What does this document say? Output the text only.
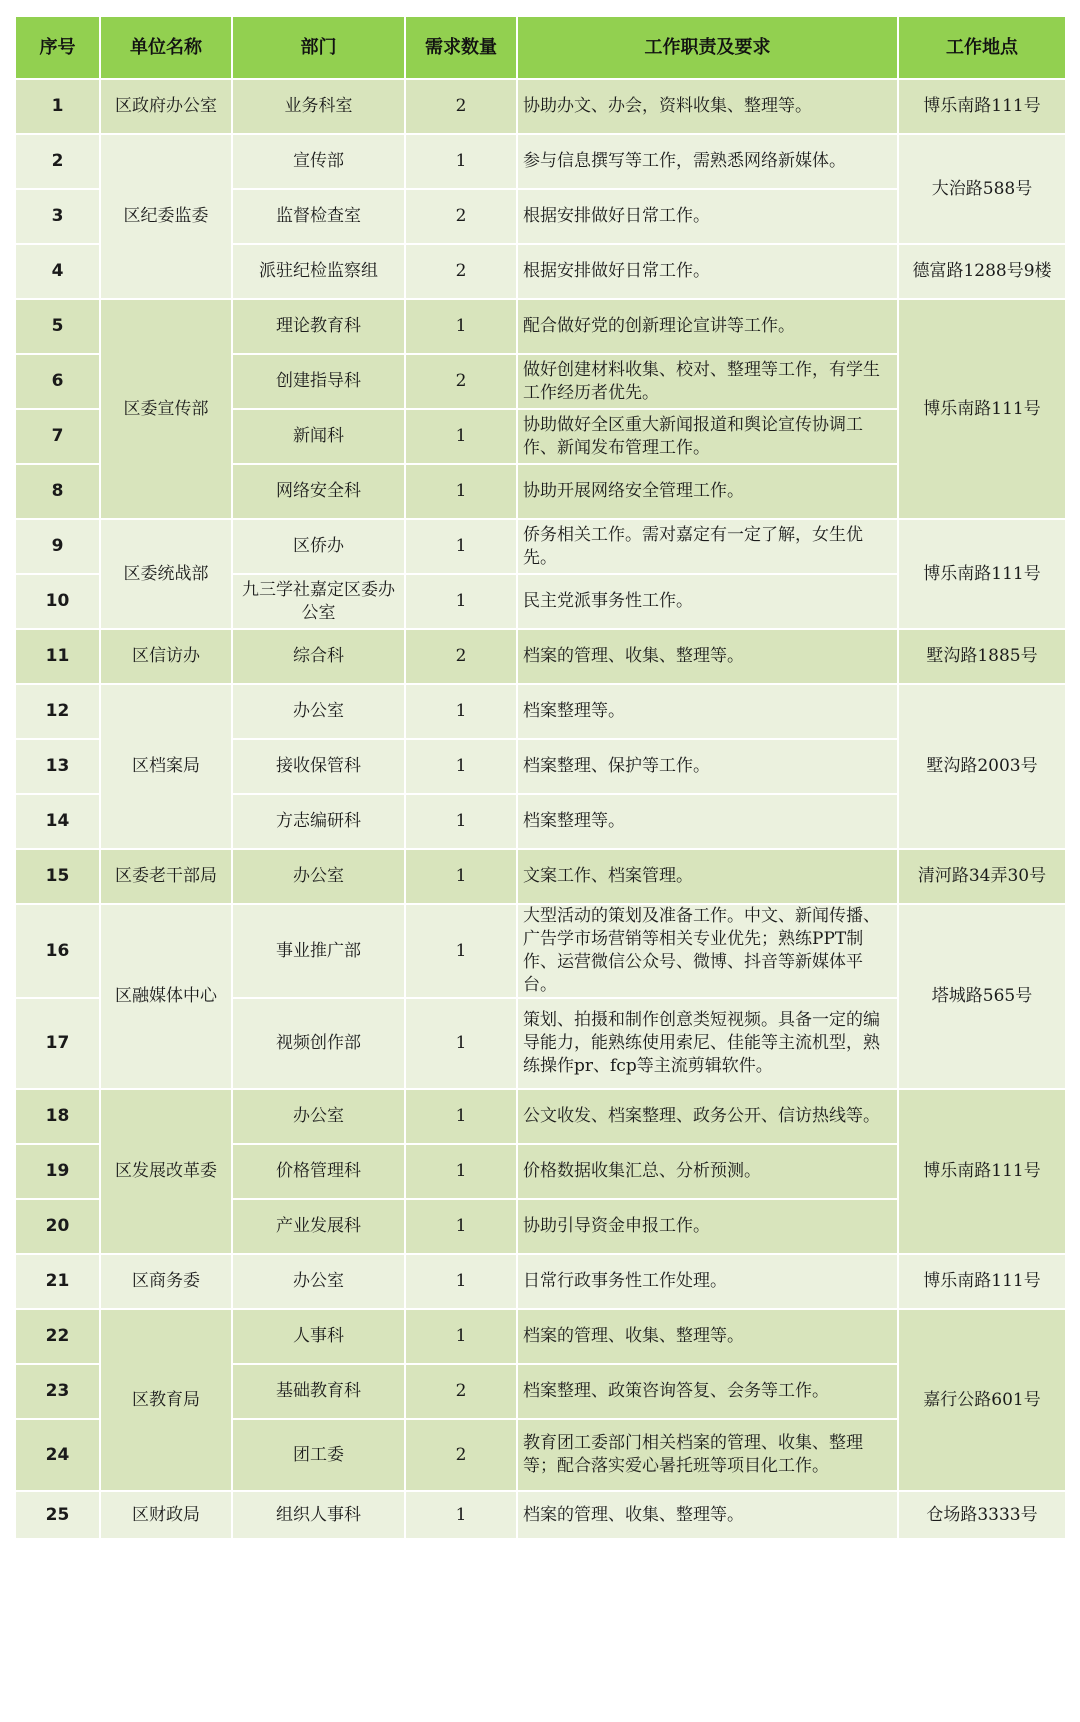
序号	单位名称	部门	需求数量	工作职责及要求	工作地点
1	区政府办公室	业务科室	2	协助办文、办会，资料收集、整理等。	博乐南路111号
2	区纪委监委	宣传部	1	参与信息撰写等工作，需熟悉网络新媒体。	大治路588号
3		监督检查室	2	根据安排做好日常工作。	
4		派驻纪检监察组	2	根据安排做好日常工作。	德富路1288号9楼
5	区委宣传部	理论教育科	1	配合做好党的创新理论宣讲等工作。	博乐南路111号
6		创建指导科	2	做好创建材料收集、校对、整理等工作，有学生工作经历者优先。	
7		新闻科	1	协助做好全区重大新闻报道和舆论宣传协调工作、新闻发布管理工作。	
8		网络安全科	1	协助开展网络安全管理工作。	
9	区委统战部	区侨办	1	侨务相关工作。需对嘉定有一定了解，女生优先。	博乐南路111号
10		九三学社嘉定区委办公室	1	民主党派事务性工作。	
11	区信访办	综合科	2	档案的管理、收集、整理等。	墅沟路1885号
12	区档案局	办公室	1	档案整理等。	墅沟路2003号
13		接收保管科	1	档案整理、保护等工作。	
14		方志编研科	1	档案整理等。	
15	区委老干部局	办公室	1	文案工作、档案管理。	清河路34弄30号
16	区融媒体中心	事业推广部	1	大型活动的策划及准备工作。中文、新闻传播、广告学市场营销等相关专业优先；熟练PPT制作、运营微信公众号、微博、抖音等新媒体平台。	塔城路565号
17		视频创作部	1	策划、拍摄和制作创意类短视频。具备一定的编导能力，能熟练使用索尼、佳能等主流机型，熟练操作pr、fcp等主流剪辑软件。	
18	区发展改革委	办公室	1	公文收发、档案整理、政务公开、信访热线等。	博乐南路111号
19		价格管理科	1	价格数据收集汇总、分析预测。	
20		产业发展科	1	协助引导资金申报工作。	
21	区商务委	办公室	1	日常行政事务性工作处理。	博乐南路111号
22	区教育局	人事科	1	档案的管理、收集、整理等。	嘉行公路601号
23		基础教育科	2	档案整理、政策咨询答复、会务等工作。	
24		团工委	2	教育团工委部门相关档案的管理、收集、整理等；配合落实爱心暑托班等项目化工作。	
25	区财政局	组织人事科	1	档案的管理、收集、整理等。	仓场路3333号
